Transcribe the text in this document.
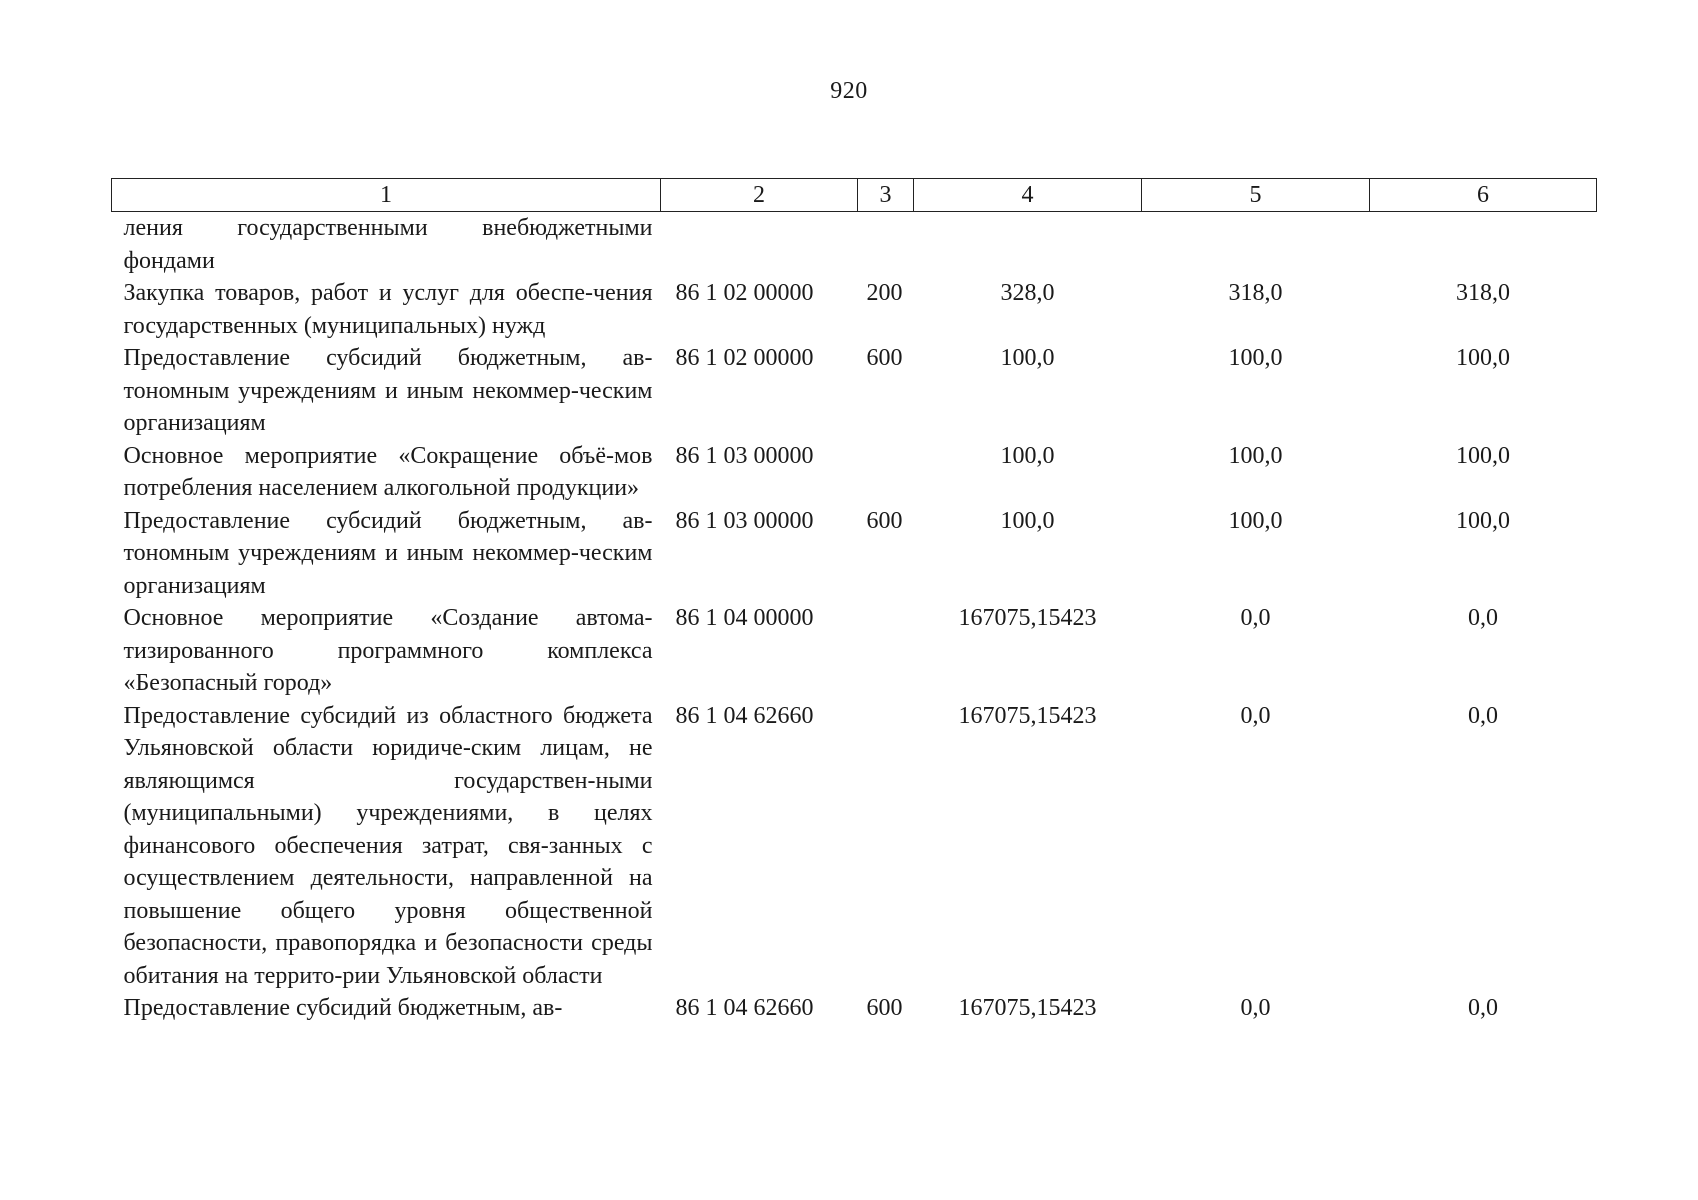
920
1	2	3	4	5	6
ления государственными внебюджетными фондами					
Закупка товаров, работ и услуг для обеспе-чения государственных (муниципальных) нужд	86 1 02 00000	200	328,0	318,0	318,0
Предоставление субсидий бюджетным, ав-тономным учреждениям и иным некоммер-ческим организациям	86 1 02 00000	600	100,0	100,0	100,0
Основное мероприятие «Сокращение объё-мов потребления населением алкогольной продукции»	86 1 03 00000		100,0	100,0	100,0
Предоставление субсидий бюджетным, ав-тономным учреждениям и иным некоммер-ческим организациям	86 1 03 00000	600	100,0	100,0	100,0
Основное мероприятие «Создание автома-тизированного программного комплекса «Безопасный город»	86 1 04 00000		167075,15423	0,0	0,0
Предоставление субсидий из областного бюджета Ульяновской области юридиче-ским лицам, не являющимся государствен-ными (муниципальными) учреждениями, в целях финансового обеспечения затрат, свя-занных с осуществлением деятельности, направленной на повышение общего уровня общественной безопасности, правопорядка и безопасности среды обитания на террито-рии Ульяновской области	86 1 04 62660		167075,15423	0,0	0,0
Предоставление субсидий бюджетным, ав-	86 1 04 62660	600	167075,15423	0,0	0,0
